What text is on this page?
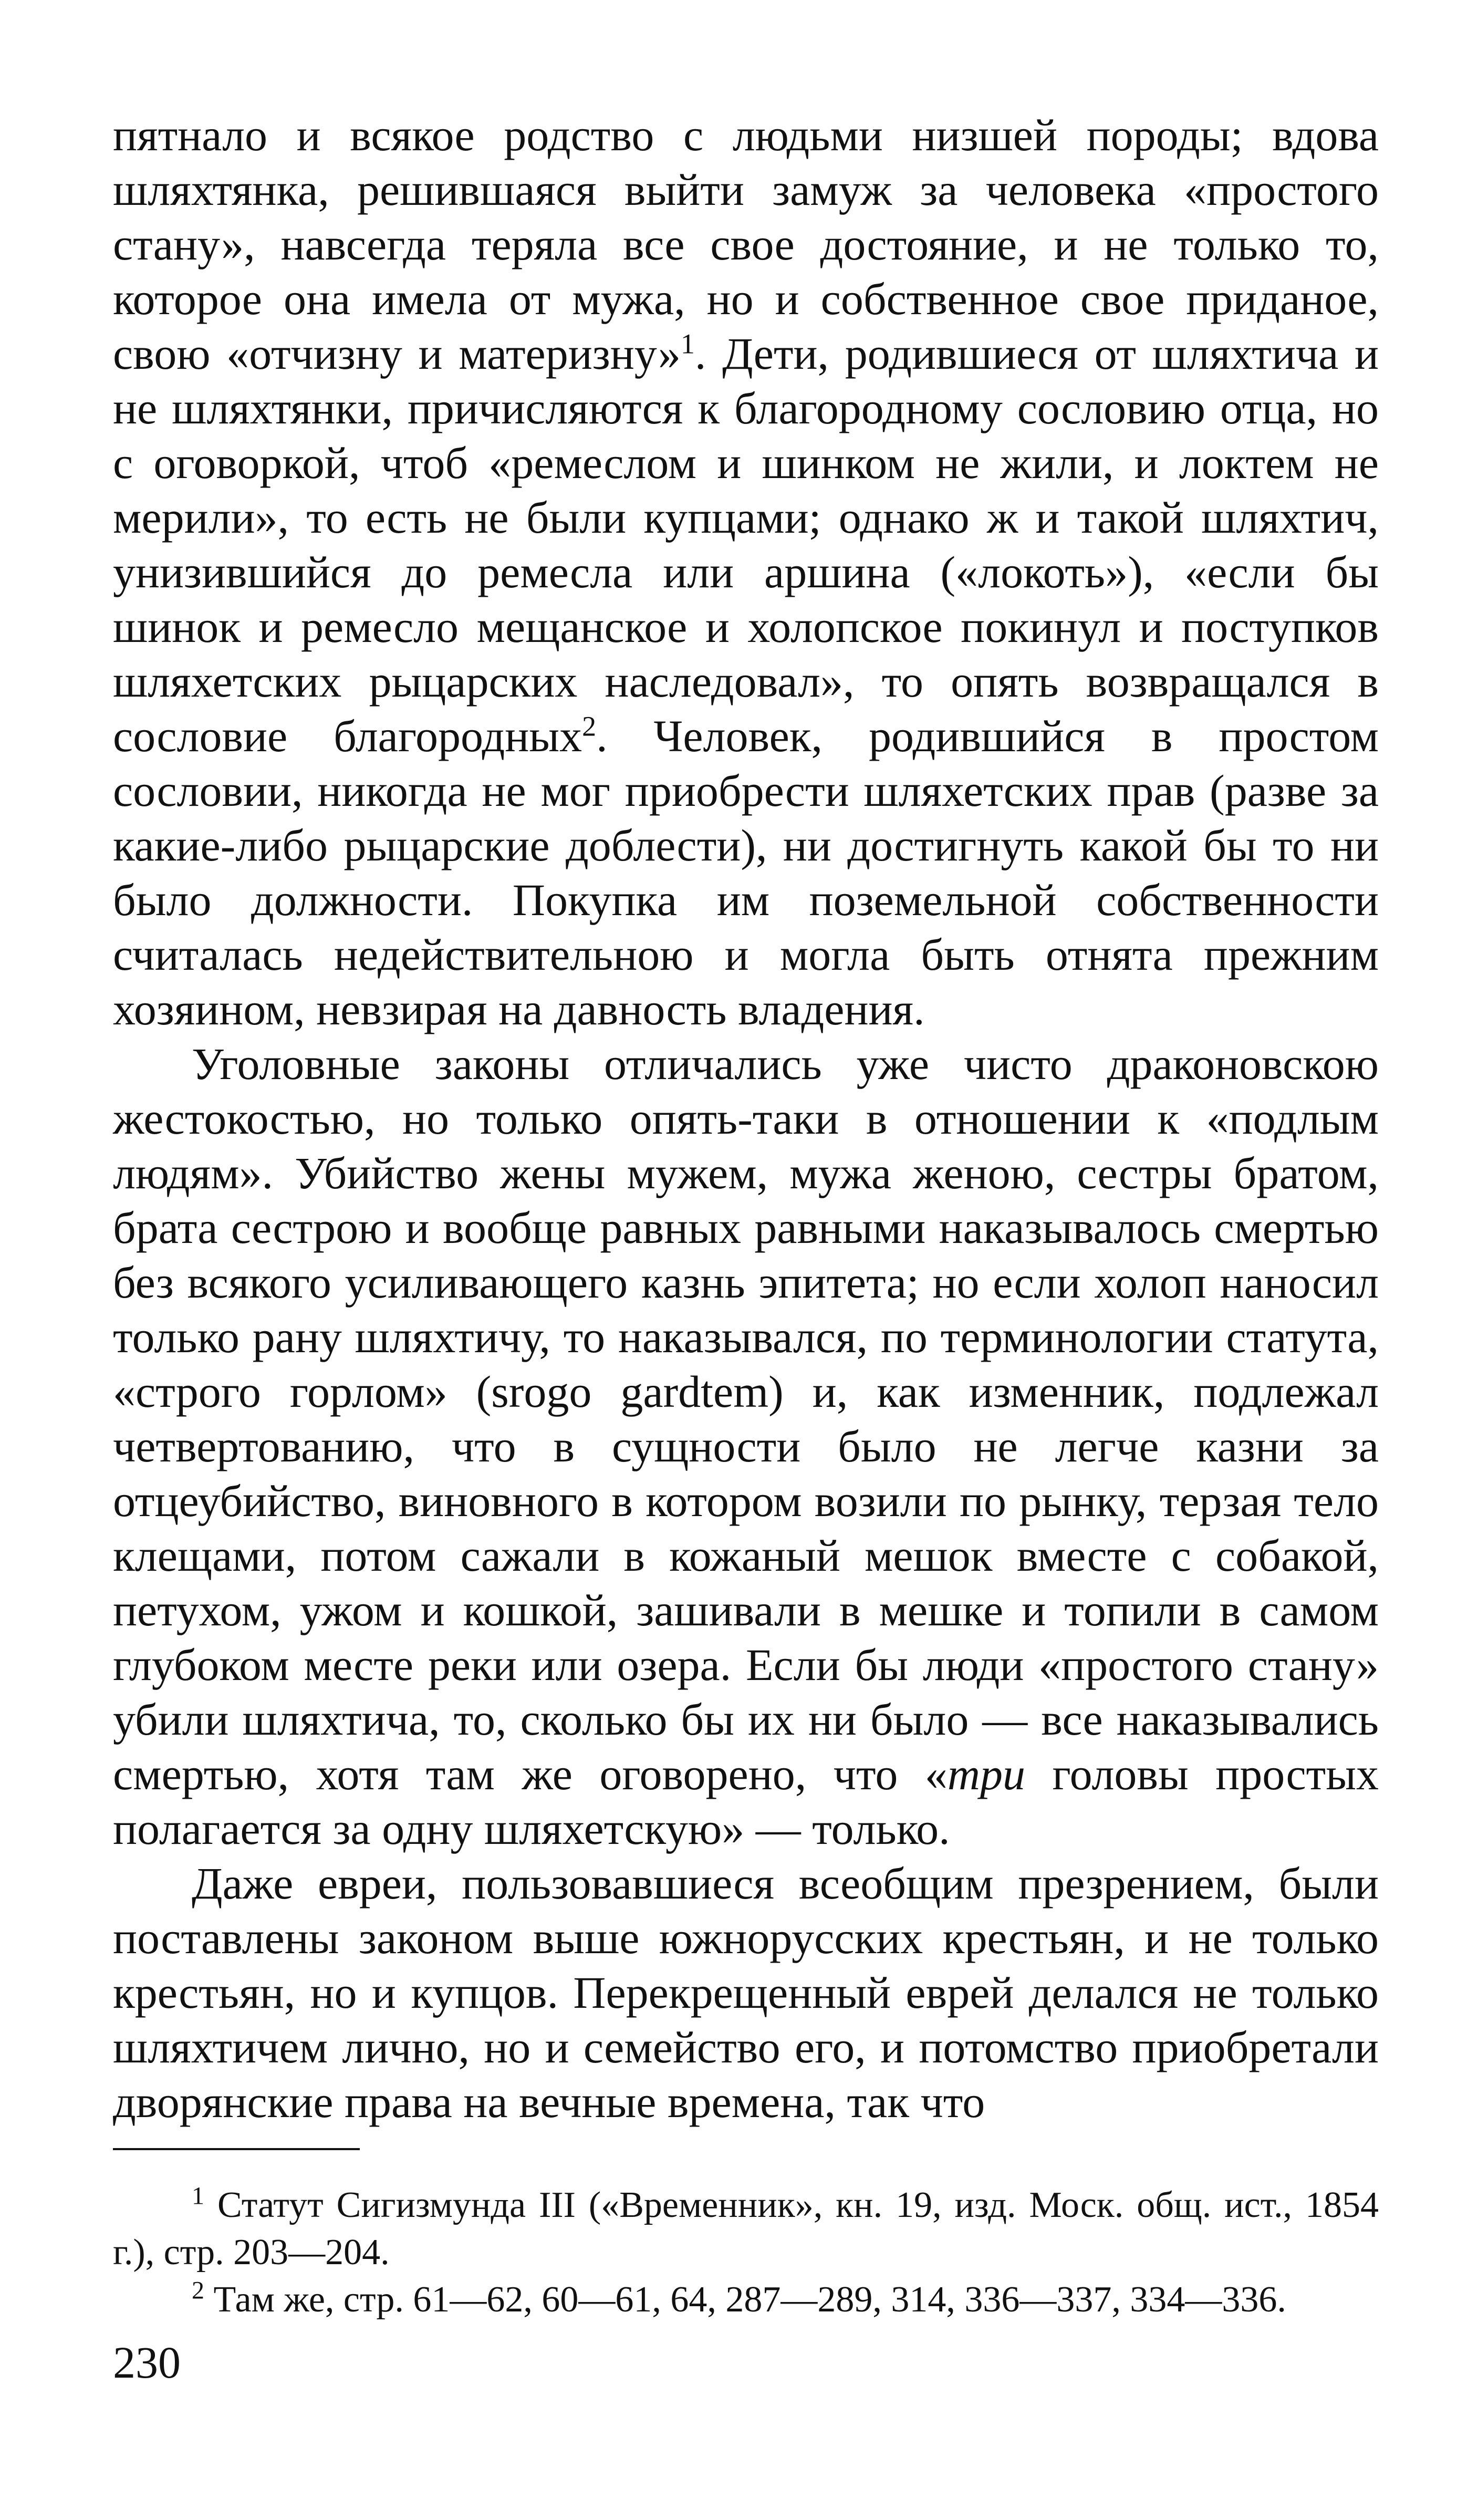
пятнало и всякое родство с людьми низшей породы; вдова шляхтянка, решившаяся выйти замуж за человека «простого стану», навсегда теряла все свое достояние, и не только то, которое она имела от мужа, но и собственное свое приданое, свою «отчизну и материзну»$^1$. Дети, родившиеся от шляхтича и не шляхтянки, причисляются к благородному сословию отца, но с оговоркой, чтоб «ремеслом и шинком не жили, и локтем не мерили», то есть не были купцами; однако ж и такой шляхтич, унизившийся до ремесла или аршина («локоть»), «если бы шинок и ремесло мещанское и холопское покинул и поступков шляхетских рыцарских наследовал», то опять возвращался в сословие благородных$^2$. Человек, родившийся в простом сословии, никогда не мог приобрести шляхетских прав (разве за какие-либо рыцарские доблести), ни достигнуть какой бы то ни было должности. Покупка им поземельной собственности считалась недействительною и могла быть отнята прежним хозяином, невзирая на давность владения.

Уголовные законы отличались уже чисто драконовскою жестокостью, но только опять-таки в отношении к «подлым людям». Убийство жены мужем, мужа женою, сестры братом, брата сестрою и вообще равных равными наказывалось смертью без всякого усиливающего казнь эпитета; но если холоп наносил только рану шляхтичу, то наказывался, по терминологии статута, «строго горлом» (srogo gardtem) и, как изменник, подлежал четвертованию, что в сущности было не легче казни за отцеубийство, виновного в котором возили по рынку, терзая тело клещами, потом сажали в кожаный мешок вместе с собакой, петухом, ужом и кошкой, зашивали в мешке и топили в самом глубоком месте реки или озера. Если бы люди «простого стану» убили шляхтича, то, сколько бы их ни было — все наказывались смертью, хотя там же оговорено, что «три головы простых полагается за одну шляхетскую» — только.

Даже евреи, пользовавшиеся всеобщим презрением, были поставлены законом выше южнорусских крестьян, и не только крестьян, но и купцов. Перекрещенный еврей делался не только шляхтичем лично, но и семейство его, и потомство приобретали дворянские права на вечные времена, так что

$^1$ Статут Сигизмунда III («Временник», кн. 19, изд. Моск. общ. ист., 1854 г.), стр. 203—204.

$^2$ Там же, стр. 61—62, 60—61, 64, 287—289, 314, 336—337, 334—336.

230
